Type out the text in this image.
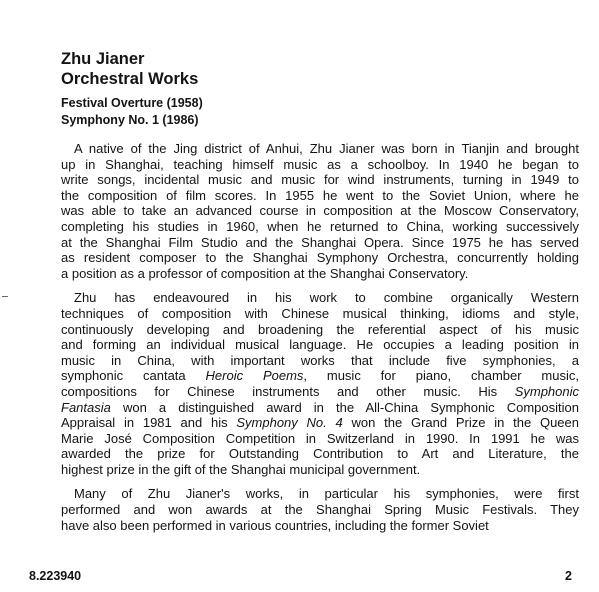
Zhu Jianer
Orchestral Works
Festival Overture (1958)
Symphony No. 1 (1986)

A native of the Jing district of Anhui, Zhu Jianer was born in Tianjin and brought
up in Shanghai, teaching himself music as a schoolboy. In 1940 he began to
write songs, incidental music and music for wind instruments, turning in 1949 to
the composition of film scores. In 1955 he went to the Soviet Union, where he
was able to take an advanced course in composition at the Moscow Conservatory,
completing his studies in 1960, when he returned to China, working successively
at the Shanghai Film Studio and the Shanghai Opera. Since 1975 he has served
as resident composer to the Shanghai Symphony Orchestra, concurrently holding
a position as a professor of composition at the Shanghai Conservatory.

Zhu has endeavoured in his work to combine organically Western
techniques of composition with Chinese musical thinking, idioms and style,
continuously developing and broadening the referential aspect of his music
and forming an individual musical language. He occupies a leading position in
music in China, with important works that include five symphonies, a
symphonic cantata Heroic Poems, music for piano, chamber music,
compositions for Chinese instruments and other music. His Symphonic
Fantasia won a distinguished award in the All-China Symphonic Composition
Appraisal in 1981 and his Symphony No. 4 won the Grand Prize in the Queen
Marie José Composition Competition in Switzerland in 1990. In 1991 he was
awarded the prize for Outstanding Contribution to Art and Literature, the
highest prize in the gift of the Shanghai municipal government.

Many of Zhu Jianer's works, in particular his symphonies, were first
performed and won awards at the Shanghai Spring Music Festivals. They
have also been performed in various countries, including the former Soviet

8.223940	2
